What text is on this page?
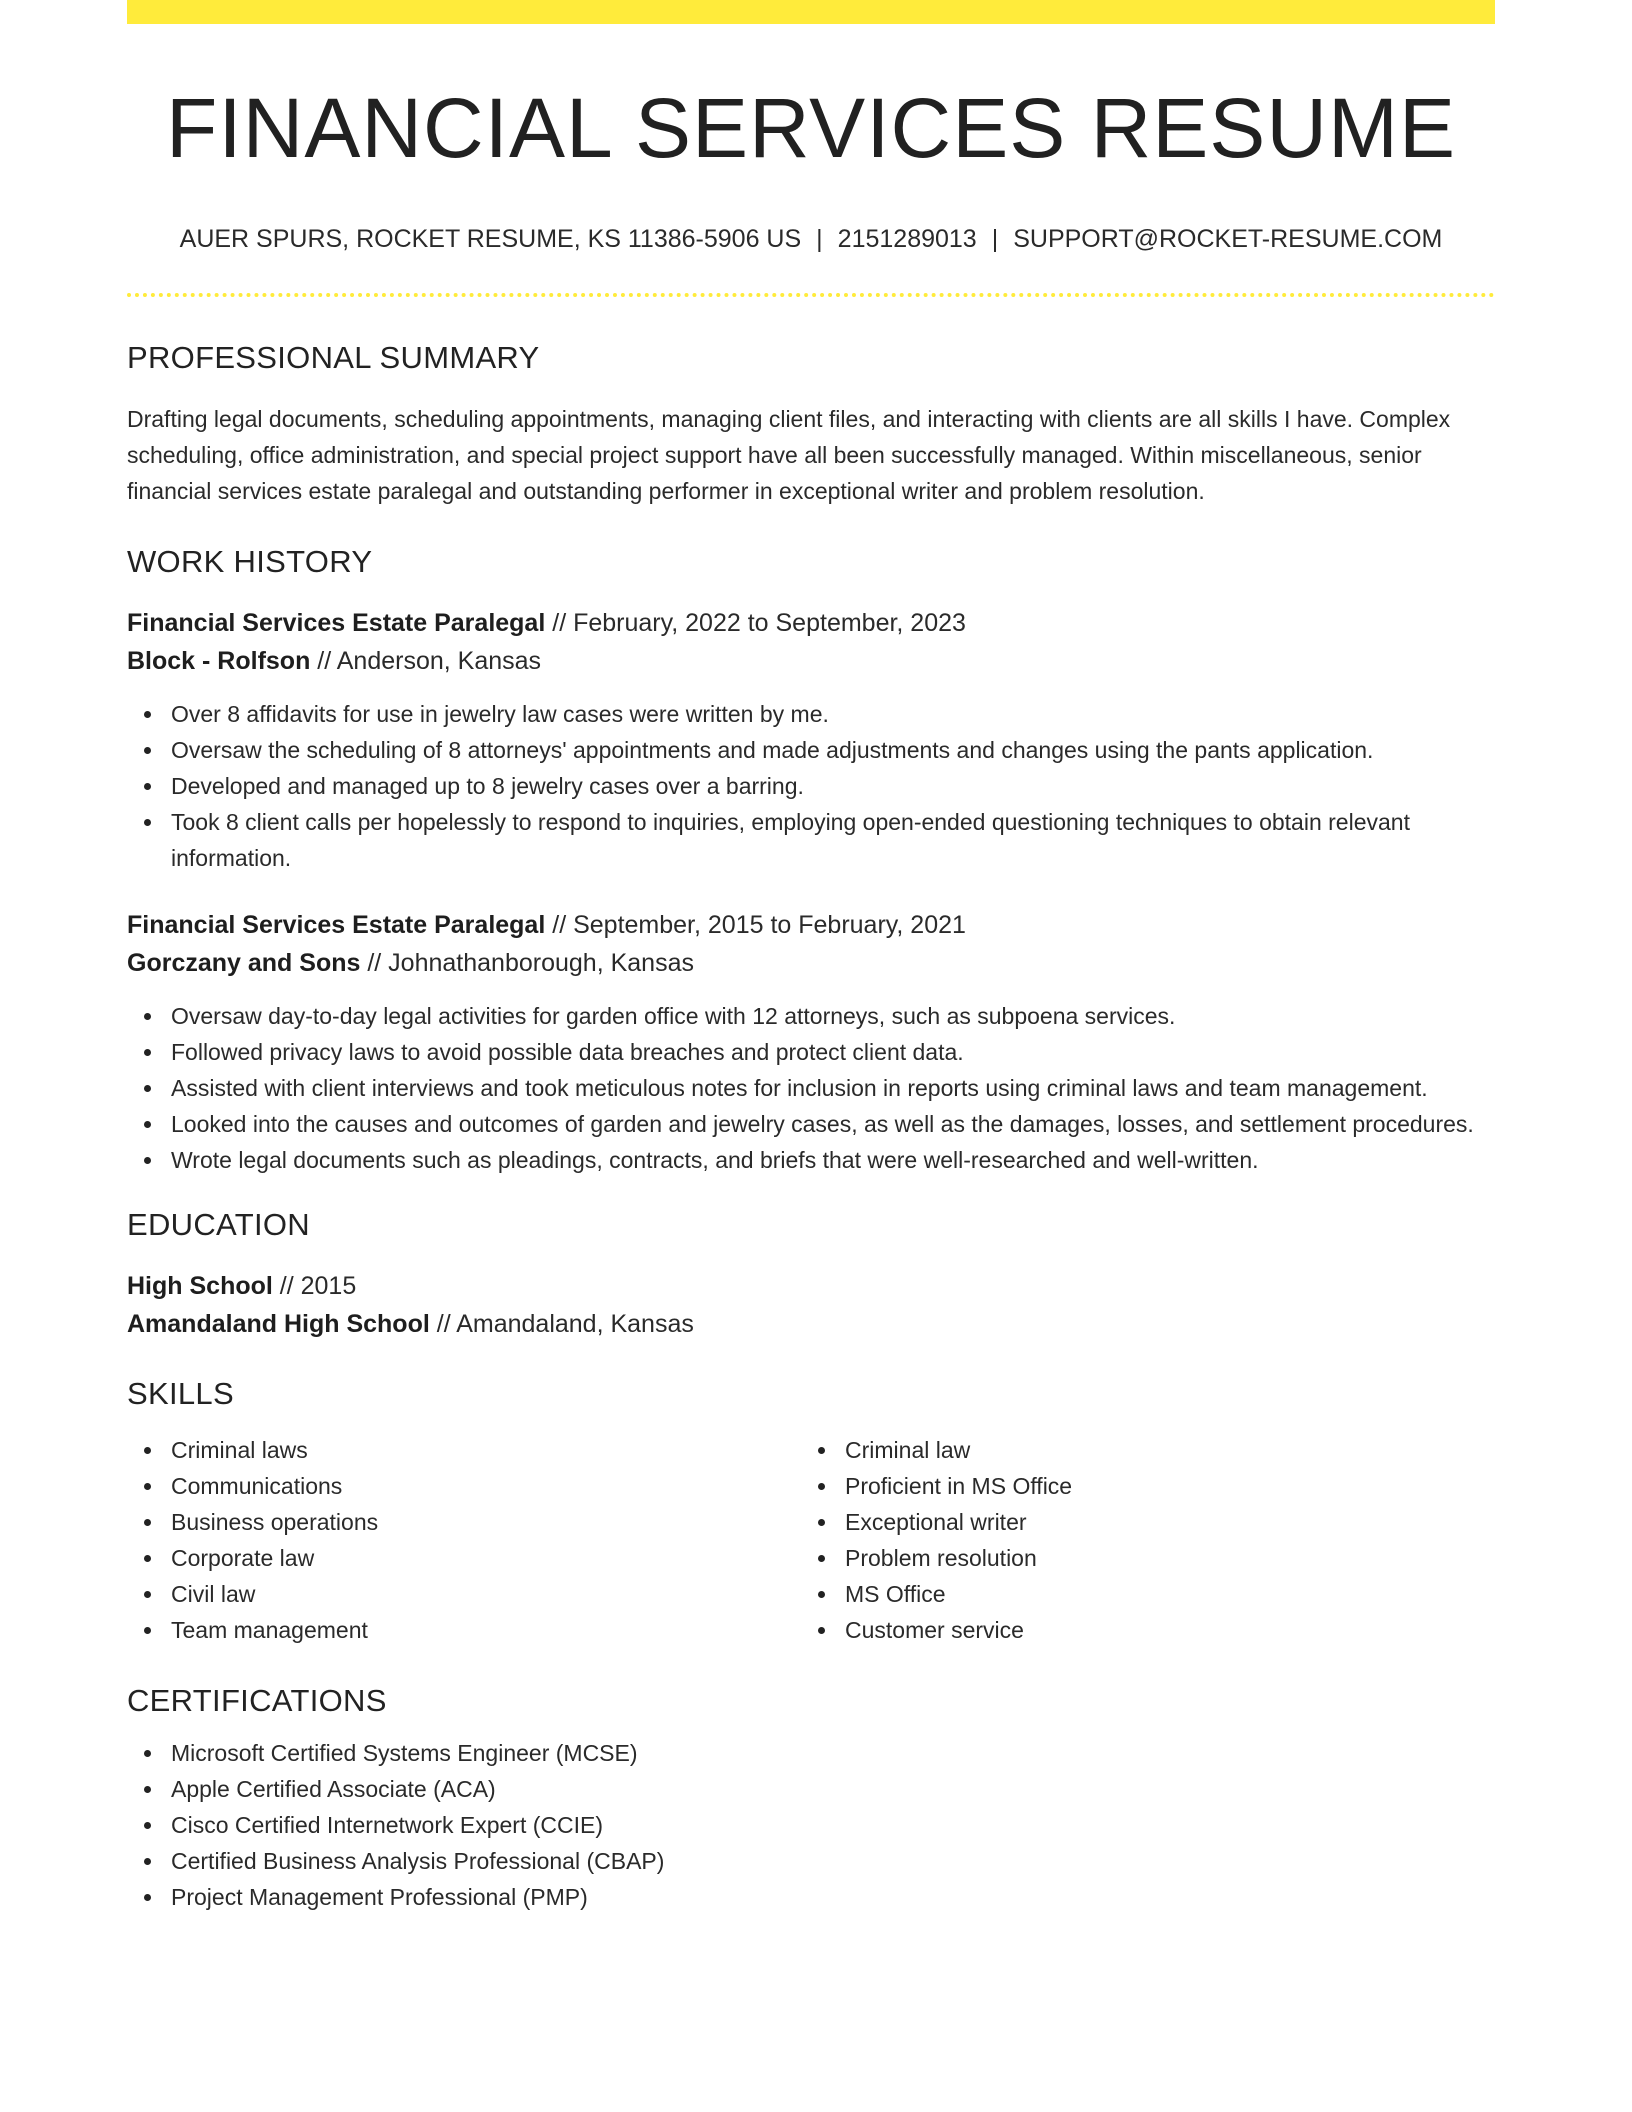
FINANCIAL SERVICES RESUME
AUER SPURS, ROCKET RESUME, KS 11386-5906 US | 2151289013 | SUPPORT@ROCKET-RESUME.COM
PROFESSIONAL SUMMARY

Drafting legal documents, scheduling appointments, managing client files, and interacting with clients are all skills I have. Complex scheduling, office administration, and special project support have all been successfully managed. Within miscellaneous, senior financial services estate paralegal and outstanding performer in exceptional writer and problem resolution.

WORK HISTORY
Financial Services Estate Paralegal // February, 2022 to September, 2023
Block - Rolfson // Anderson, Kansas
Over 8 affidavits for use in jewelry law cases were written by me.
Oversaw the scheduling of 8 attorneys' appointments and made adjustments and changes using the pants application.
Developed and managed up to 8 jewelry cases over a barring.
Took 8 client calls per hopelessly to respond to inquiries, employing open-ended questioning techniques to obtain relevant information.
Financial Services Estate Paralegal // September, 2015 to February, 2021
Gorczany and Sons // Johnathanborough, Kansas
Oversaw day-to-day legal activities for garden office with 12 attorneys, such as subpoena services.
Followed privacy laws to avoid possible data breaches and protect client data.
Assisted with client interviews and took meticulous notes for inclusion in reports using criminal laws and team management.
Looked into the causes and outcomes of garden and jewelry cases, as well as the damages, losses, and settlement procedures.
Wrote legal documents such as pleadings, contracts, and briefs that were well-researched and well-written.
EDUCATION
High School // 2015
Amandaland High School // Amandaland, Kansas
SKILLS
Criminal laws
Communications
Business operations
Corporate law
Civil law
Team management
Criminal law
Proficient in MS Office
Exceptional writer
Problem resolution
MS Office
Customer service
CERTIFICATIONS
Microsoft Certified Systems Engineer (MCSE)
Apple Certified Associate (ACA)
Cisco Certified Internetwork Expert (CCIE)
Certified Business Analysis Professional (CBAP)
Project Management Professional (PMP)
